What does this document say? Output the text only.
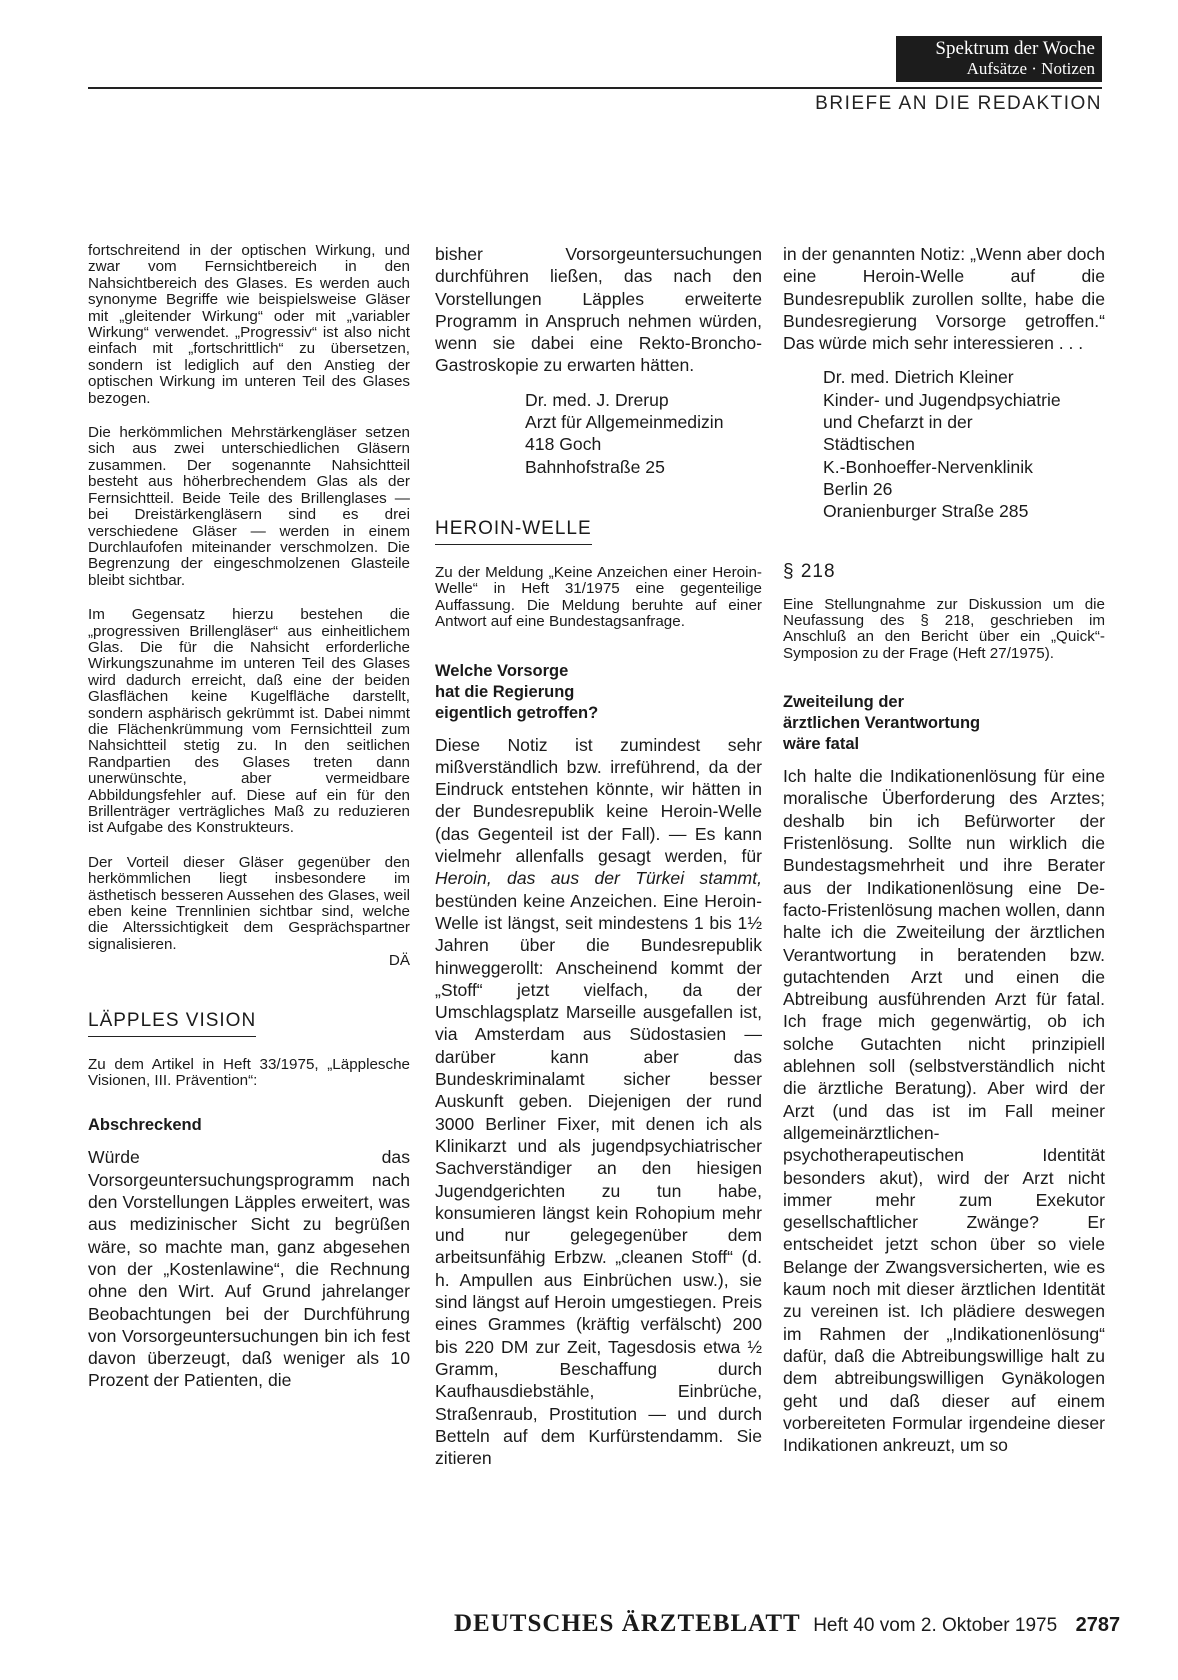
Spektrum der Woche
Aufsätze · Notizen
BRIEFE AN DIE REDAKTION

fortschreitend in der optischen Wirkung, und zwar vom Fernsichtbereich in den Nahsichtbereich des Glases. Es werden auch synonyme Begriffe wie beispielsweise Gläser mit „gleitender Wirkung“ oder mit „variabler Wirkung“ verwendet. „Progressiv“ ist also nicht einfach mit „fortschrittlich“ zu übersetzen, sondern ist lediglich auf den Anstieg der optischen Wirkung im unteren Teil des Glases bezogen.

Die herkömmlichen Mehrstärkengläser setzen sich aus zwei unterschiedlichen Gläsern zusammen. Der sogenannte Nahsichtteil besteht aus höherbrechendem Glas als der Fernsichtteil. Beide Teile des Brillenglases — bei Dreistärkengläsern sind es drei verschiedene Gläser — werden in einem Durchlaufofen miteinander verschmolzen. Die Begrenzung der eingeschmolzenen Glasteile bleibt sichtbar.

Im Gegensatz hierzu bestehen die „progressiven Brillengläser“ aus einheitlichem Glas. Die für die Nahsicht erforderliche Wirkungszunahme im unteren Teil des Glases wird dadurch erreicht, daß eine der beiden Glasflächen keine Kugelfläche darstellt, sondern asphärisch gekrümmt ist. Dabei nimmt die Flächenkrümmung vom Fernsichtteil zum Nahsichtteil stetig zu. In den seitlichen Randpartien des Glases treten dann unerwünschte, aber vermeidbare Abbildungsfehler auf. Diese auf ein für den Brillenträger verträgliches Maß zu reduzieren ist Aufgabe des Konstrukteurs.

Der Vorteil dieser Gläser gegenüber den herkömmlichen liegt insbesondere im ästhetisch besseren Aussehen des Glases, weil eben keine Trennlinien sichtbar sind, welche die Alterssichtigkeit dem Gesprächspartner signalisieren.

DÄ
LÄPPLES VISION

Zu dem Artikel in Heft 33/1975, „Läpplesche Visionen, III. Prävention“:

Abschreckend

Würde das Vorsorgeuntersuchungsprogramm nach den Vorstellungen Läpples erweitert, was aus medizinischer Sicht zu begrüßen wäre, so machte man, ganz abgesehen von der „Kostenlawine“, die Rechnung ohne den Wirt. Auf Grund jahrelanger Beobachtungen bei der Durchführung von Vorsorgeuntersuchungen bin ich fest davon überzeugt, daß weniger als 10 Prozent der Patienten, die

bisher Vorsorgeuntersuchungen durchführen ließen, das nach den Vorstellungen Läpples erweiterte Programm in Anspruch nehmen würden, wenn sie dabei eine Rekto-Broncho-Gastroskopie zu erwarten hätten.

Dr. med. J. Drerup
Arzt für Allgemeinmedizin
418 Goch
Bahnhofstraße 25
HEROIN-WELLE

Zu der Meldung „Keine Anzeichen einer Heroin-Welle“ in Heft 31/1975 eine gegenteilige Auffassung. Die Meldung beruhte auf einer Antwort auf eine Bundestagsanfrage.

Welche Vorsorge
hat die Regierung
eigentlich getroffen?

Diese Notiz ist zumindest sehr mißverständlich bzw. irreführend, da der Eindruck entstehen könnte, wir hätten in der Bundesrepublik keine Heroin-Welle (das Gegenteil ist der Fall). — Es kann vielmehr allenfalls gesagt werden, für Heroin, das aus der Türkei stammt, bestünden keine Anzeichen. Eine Heroin-Welle ist längst, seit mindestens 1 bis 1½ Jahren über die Bundesrepublik hinweggerollt: Anscheinend kommt der „Stoff“ jetzt vielfach, da der Umschlagsplatz Marseille ausgefallen ist, via Amsterdam aus Südostasien — darüber kann aber das Bundeskriminalamt sicher besser Auskunft geben. Diejenigen der rund 3000 Berliner Fixer, mit denen ich als Klinikarzt und als jugendpsychiatrischer Sachverständiger an den hiesigen Jugendgerichten zu tun habe, konsumieren längst kein Rohopium mehr und nur gelegegenüber dem arbeitsunfähig Erbzw. „cleanen Stoff“ (d. h. Ampullen aus Einbrüchen usw.), sie sind längst auf Heroin umgestiegen. Preis eines Grammes (kräftig verfälscht) 200 bis 220 DM zur Zeit, Tagesdosis etwa ½ Gramm, Beschaffung durch Kaufhausdiebstähle, Einbrüche, Straßenraub, Prostitution — und durch Betteln auf dem Kurfürstendamm. Sie zitieren

in der genannten Notiz: „Wenn aber doch eine Heroin-Welle auf die Bundesrepublik zurollen sollte, habe die Bundesregierung Vorsorge getroffen.“ Das würde mich sehr interessieren . . .

Dr. med. Dietrich Kleiner
Kinder- und Jugendpsychiatrie
und Chefarzt in der
Städtischen
K.-Bonhoeffer-Nervenklinik
Berlin 26
Oranienburger Straße 285
§ 218

Eine Stellungnahme zur Diskussion um die Neufassung des § 218, geschrieben im Anschluß an den Bericht über ein „Quick“-Symposion zu der Frage (Heft 27/1975).

Zweiteilung der
ärztlichen Verantwortung
wäre fatal

Ich halte die Indikationenlösung für eine moralische Überforderung des Arztes; deshalb bin ich Befürworter der Fristenlösung. Sollte nun wirklich die Bundestagsmehrheit und ihre Berater aus der Indikationenlösung eine De-facto-Fristenlösung machen wollen, dann halte ich die Zweiteilung der ärztlichen Verantwortung in beratenden bzw. gutachtenden Arzt und einen die Abtreibung ausführenden Arzt für fatal. Ich frage mich gegenwärtig, ob ich solche Gutachten nicht prinzipiell ablehnen soll (selbstverständlich nicht die ärztliche Beratung). Aber wird der Arzt (und das ist im Fall meiner allgemeinärztlichen-psychotherapeutischen Identität besonders akut), wird der Arzt nicht immer mehr zum Exekutor gesellschaftlicher Zwänge? Er entscheidet jetzt schon über so viele Belange der Zwangsversicherten, wie es kaum noch mit dieser ärztlichen Identität zu vereinen ist. Ich plädiere deswegen im Rahmen der „Indikationenlösung“ dafür, daß die Abtreibungswillige halt zu dem abtreibungswilligen Gynäkologen geht und daß dieser auf einem vorbereiteten Formular irgendeine dieser Indikationen ankreuzt, um so

DEUTSCHES ÄRZTEBLATT Heft 40 vom 2. Oktober 1975 2787
